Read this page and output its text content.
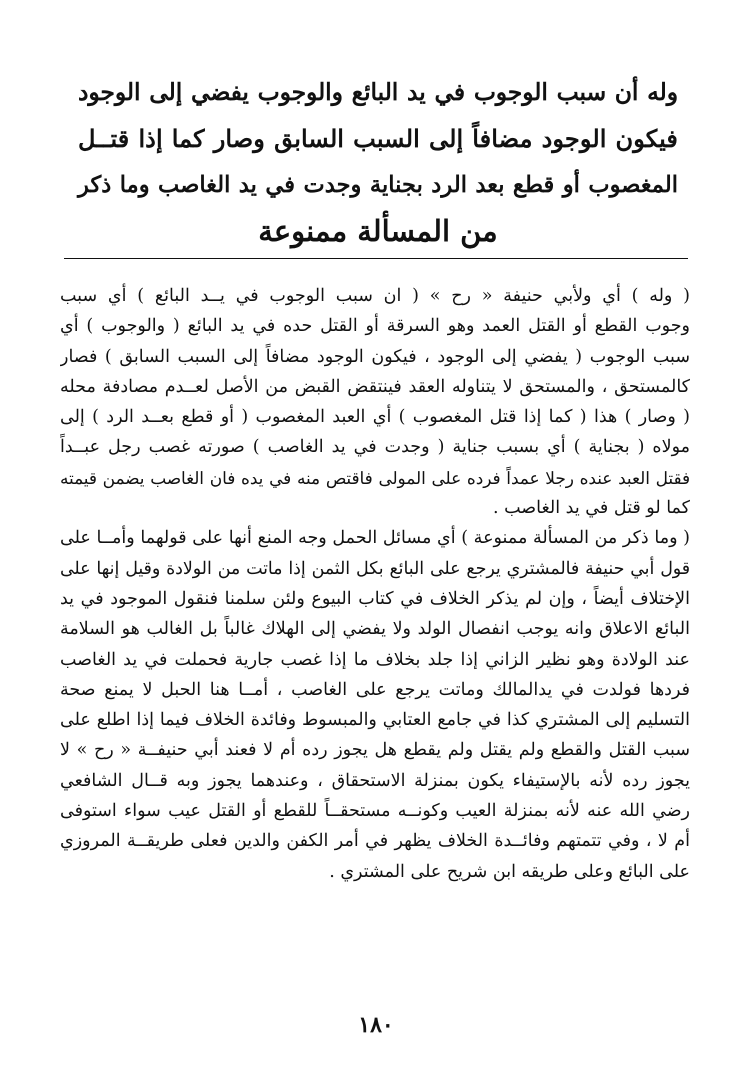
وله أن سبب الوجوب في يد البائع والوجوب يفضي إلى الوجود
فيكون الوجود مضافاً إلى السبب السابق وصار كما إذا قتــل
المغصوب أو قطع بعد الرد بجناية وجدت في يد الغاصب وما ذكر
من المسألة ممنوعة
( وله ) أي ولأبي حنيفة « رح » ( ان سبب الوجوب في يــد البائع ) أي سبب
وجوب القطع أو القتل العمد وهو السرقة أو القتل حده في يد البائع ( والوجوب ) أي
سبب الوجوب ( يفضي إلى الوجود ، فيكون الوجود مضافاً إلى السبب السابق ) فصار
كالمستحق ، والمستحق لا يتناوله العقد فينتقض القبض من الأصل لعــدم مصادفة محله
( وصار ) هذا ( كما إذا قتل المغصوب ) أي العبد المغصوب ( أو قطع بعــد الرد ) إلى
مولاه ( بجناية ) أي بسبب جناية ( وجدت في يد الغاصب ) صورته غصب رجل عبــداً
فقتل العبد عنده رجلا عمداً فرده على المولى فاقتص منه في يده فان الغاصب يضمن قيمته
كما لو قتل في يد الغاصب .
( وما ذكر من المسألة ممنوعة ) أي مسائل الحمل وجه المنع أنها على قولهما وأمــا على
قول أبي حنيفة فالمشتري يرجع على البائع بكل الثمن إذا ماتت من الولادة وقيل إنها على
الإختلاف أيضاً ، وإن لم يذكر الخلاف في كتاب البيوع ولئن سلمنا فنقول الموجود في يد
البائع الاعلاق وانه يوجب انفصال الولد ولا يفضي إلى الهلاك غالباً بل الغالب هو السلامة
عند الولادة وهو نظير الزاني إذا جلد بخلاف ما إذا غصب جارية فحملت في يد الغاصب
فردها فولدت في يدالمالك وماتت يرجع على الغاصب ، أمــا هنا الحبل لا يمنع صحة
التسليم إلى المشتري كذا في جامع العتابي والمبسوط وفائدة الخلاف فيما إذا اطلع على
سبب القتل والقطع ولم يقتل ولم يقطع هل يجوز رده أم لا فعند أبي حنيفــة « رح » لا
يجوز رده لأنه بالإستيفاء يكون بمنزلة الاستحقاق ، وعندهما يجوز وبه قــال الشافعي
رضي الله عنه لأنه بمنزلة العيب وكونــه مستحقــاً للقطع أو القتل عيب سواء استوفى
أم لا ، وفي تتمتهم وفائــدة الخلاف يظهر في أمر الكفن والدين فعلى طريقــة المروزي
على البائع وعلى طريقه ابن شريح على المشتري .
١٨٠
